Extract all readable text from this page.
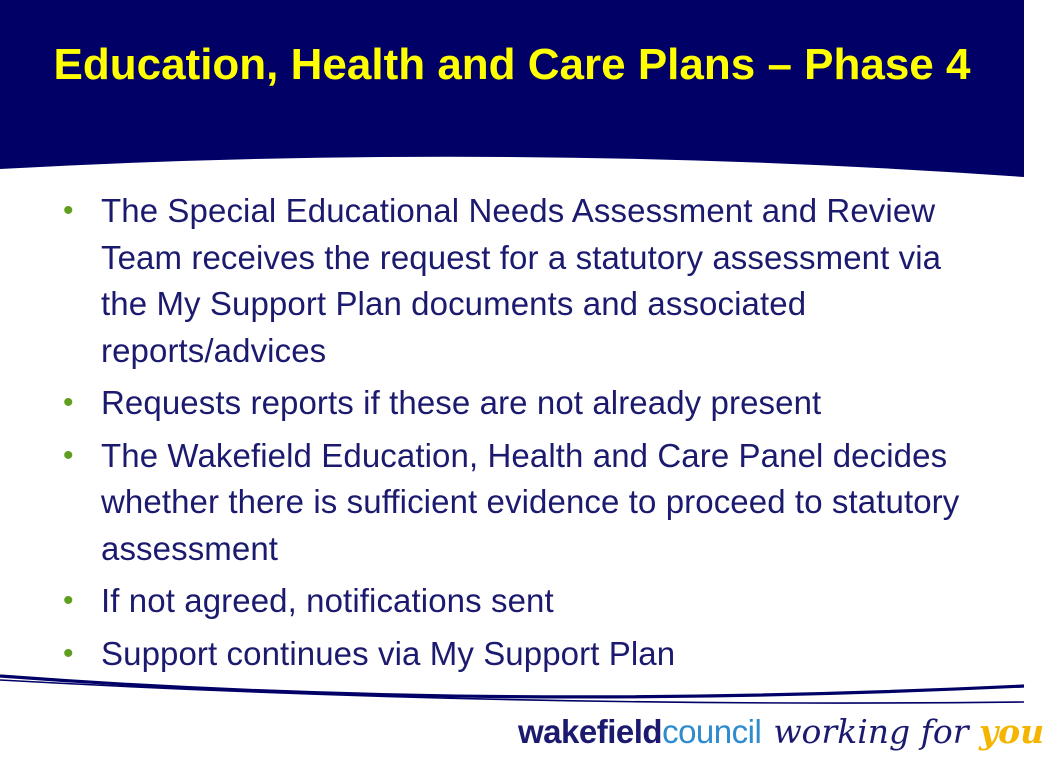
Education, Health and Care Plans – Phase 4
• The Special Educational Needs Assessment and Review Team receives the request for a statutory assessment via the My Support Plan documents and associated reports/advices
• Requests reports if these are not already present
• The Wakefield Education, Health and Care Panel decides whether there is sufficient evidence to proceed to statutory assessment
• If not agreed, notifications sent
• Support continues via My Support Plan
wakefieldcouncil working for you
